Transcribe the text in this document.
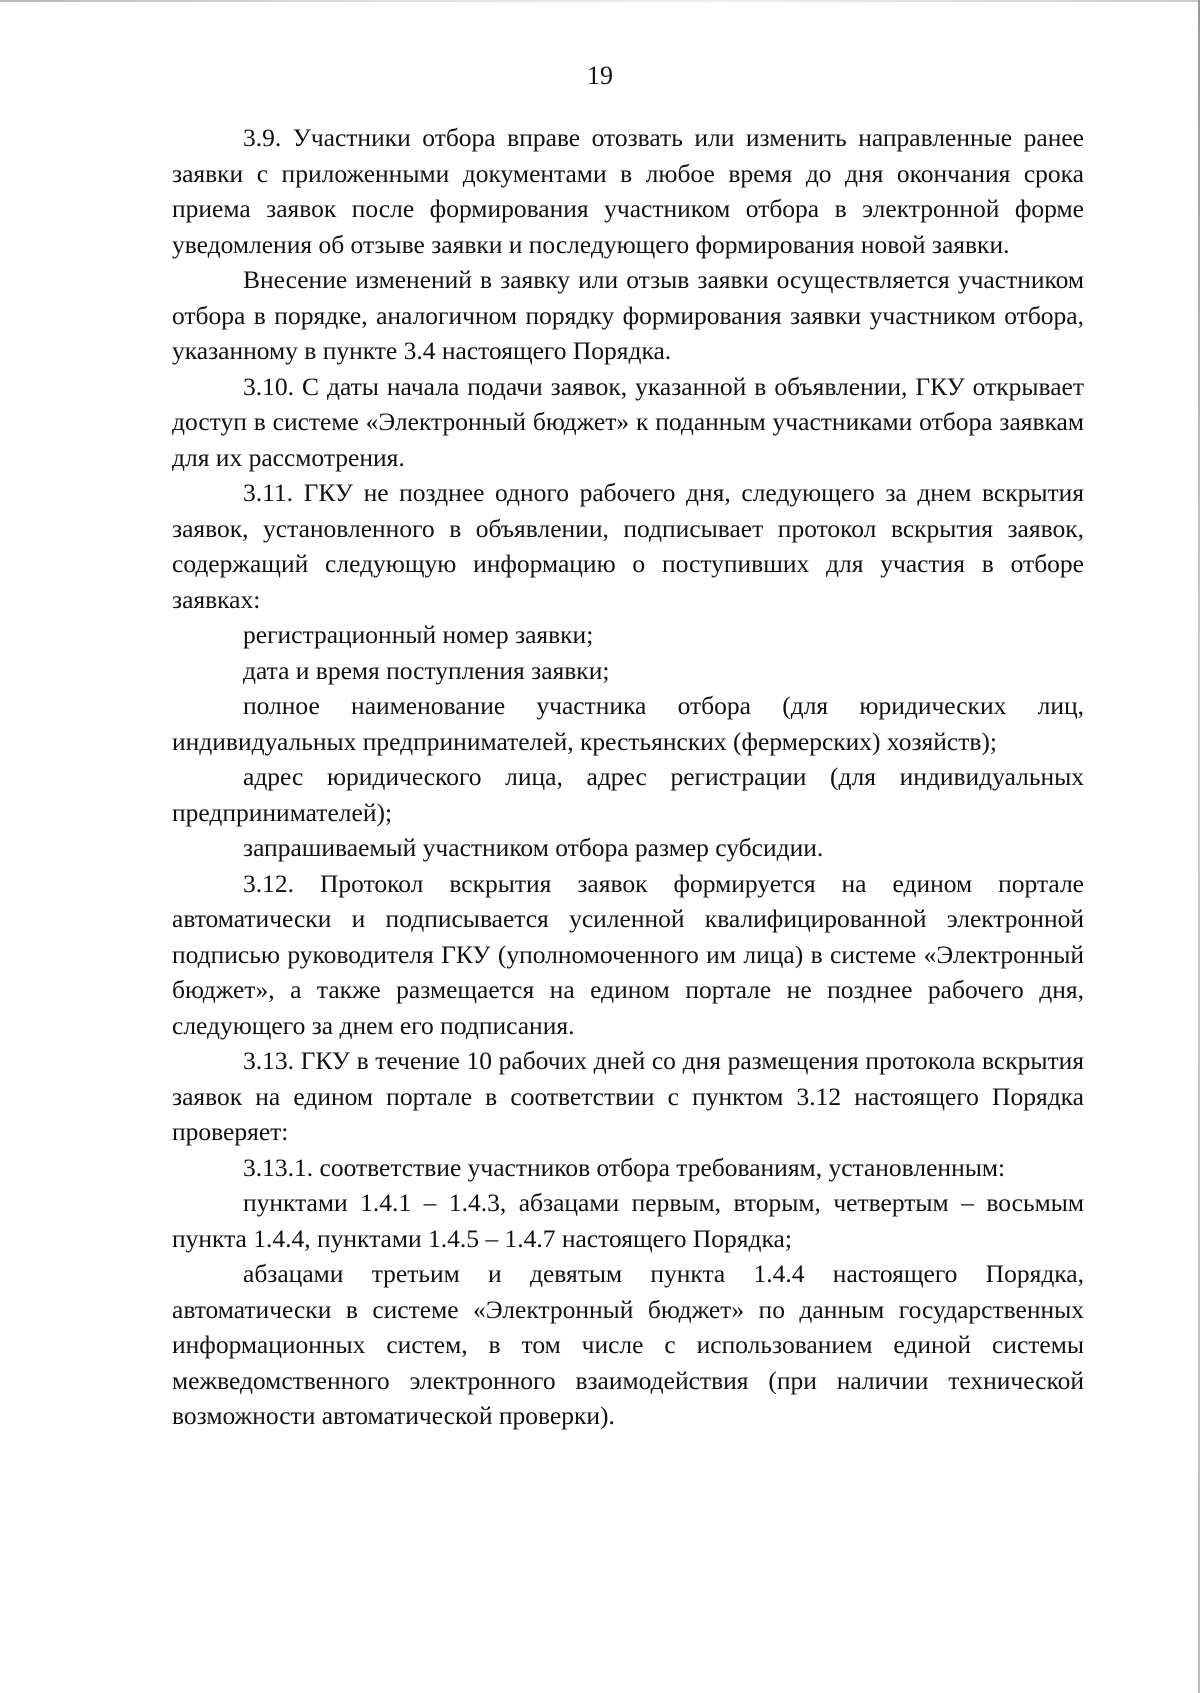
19

3.9. Участники отбора вправе отозвать или изменить направленные ранее заявки с приложенными документами в любое время до дня окончания срока приема заявок после формирования участником отбора в электронной форме уведомления об отзыве заявки и последующего формирования новой заявки.

Внесение изменений в заявку или отзыв заявки осуществляется участником отбора в порядке, аналогичном порядку формирования заявки участником отбора, указанному в пункте 3.4 настоящего Порядка.

3.10. С даты начала подачи заявок, указанной в объявлении, ГКУ открывает доступ в системе «Электронный бюджет» к поданным участниками отбора заявкам для их рассмотрения.

3.11. ГКУ не позднее одного рабочего дня, следующего за днем вскрытия заявок, установленного в объявлении, подписывает протокол вскрытия заявок, содержащий следующую информацию о поступивших для участия в отборе заявках:

регистрационный номер заявки;

дата и время поступления заявки;

полное наименование участника отбора (для юридических лиц, индивидуальных предпринимателей, крестьянских (фермерских) хозяйств);

адрес юридического лица, адрес регистрации (для индивидуальных предпринимателей);

запрашиваемый участником отбора размер субсидии.

3.12. Протокол вскрытия заявок формируется на едином портале автоматически и подписывается усиленной квалифицированной электронной подписью руководителя ГКУ (уполномоченного им лица) в системе «Электронный бюджет», а также размещается на едином портале не позднее рабочего дня, следующего за днем его подписания.

3.13. ГКУ в течение 10 рабочих дней со дня размещения протокола вскрытия заявок на едином портале в соответствии с пунктом 3.12 настоящего Порядка проверяет:

3.13.1. соответствие участников отбора требованиям, установленным:

пунктами 1.4.1 – 1.4.3, абзацами первым, вторым, четвертым – восьмым пункта 1.4.4, пунктами 1.4.5 – 1.4.7 настоящего Порядка;

абзацами третьим и девятым пункта 1.4.4 настоящего Порядка, автоматически в системе «Электронный бюджет» по данным государственных информационных систем, в том числе с использованием единой системы межведомственного электронного взаимодействия (при наличии технической возможности автоматической проверки).
